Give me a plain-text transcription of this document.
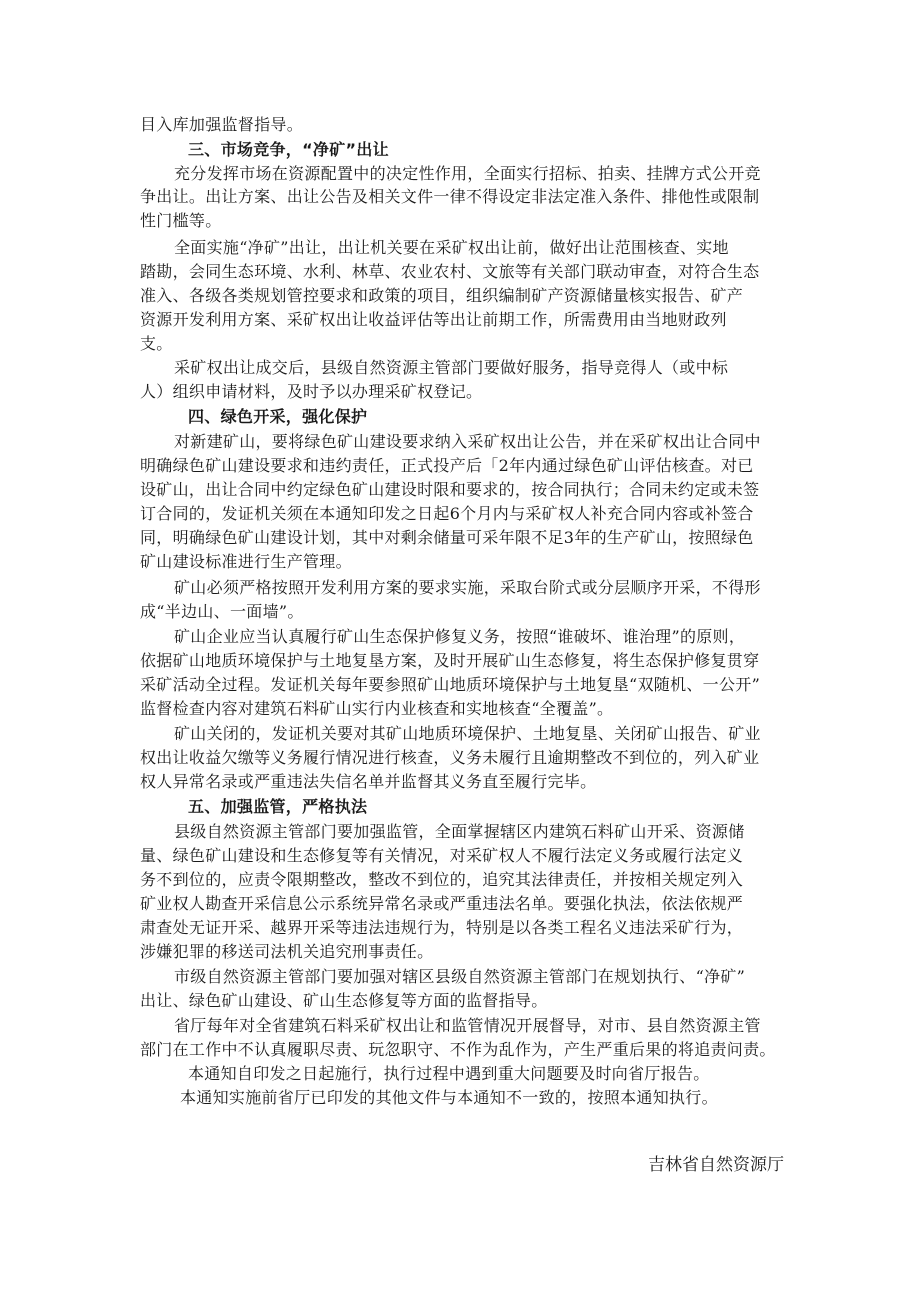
目入库加强监督指导。
三、市场竞争，“净矿”出让
充分发挥市场在资源配置中的决定性作用，全面实行招标、拍卖、挂牌方式公开竞
争出让。出让方案、出让公告及相关文件一律不得设定非法定准入条件、排他性或限制
性门槛等。
全面实施“净矿”出让，出让机关要在采矿权出让前，做好出让范围核查、实地
踏勘，会同生态环境、水利、林草、农业农村、文旅等有关部门联动审查，对符合生态
准入、各级各类规划管控要求和政策的项目，组织编制矿产资源储量核实报告、矿产
资源开发利用方案、采矿权出让收益评估等出让前期工作，所需费用由当地财政列
支。
采矿权出让成交后，县级自然资源主管部门要做好服务，指导竞得人（或中标
人）组织申请材料，及时予以办理采矿权登记。
四、绿色开采，强化保护
对新建矿山，要将绿色矿山建设要求纳入采矿权出让公告，并在采矿权出让合同中
明确绿色矿山建设要求和违约责任，正式投产后「2年内通过绿色矿山评估核查。对已
设矿山，出让合同中约定绿色矿山建设时限和要求的，按合同执行；合同未约定或未签
订合同的，发证机关须在本通知印发之日起6个月内与采矿权人补充合同内容或补签合
同，明确绿色矿山建设计划，其中对剩余储量可采年限不足3年的生产矿山，按照绿色
矿山建设标准进行生产管理。
矿山必须严格按照开发利用方案的要求实施，采取台阶式或分层顺序开采，不得形
成“半边山、一面墙”。
矿山企业应当认真履行矿山生态保护修复义务，按照“谁破坏、谁治理”的原则，
依据矿山地质环境保护与土地复垦方案，及时开展矿山生态修复，将生态保护修复贯穿
采矿活动全过程。发证机关每年要参照矿山地质环境保护与土地复垦“双随机、一公开”
监督检查内容对建筑石料矿山实行内业核查和实地核查“全覆盖”。
矿山关闭的，发证机关要对其矿山地质环境保护、土地复垦、关闭矿山报告、矿业
权出让收益欠缴等义务履行情况进行核查，义务未履行且逾期整改不到位的，列入矿业
权人异常名录或严重违法失信名单并监督其义务直至履行完毕。
五、加强监管，严格执法
县级自然资源主管部门要加强监管，全面掌握辖区内建筑石料矿山开采、资源储
量、绿色矿山建设和生态修复等有关情况，对采矿权人不履行法定义务或履行法定义
务不到位的，应责令限期整改，整改不到位的，追究其法律责任，并按相关规定列入
矿业权人勘查开采信息公示系统异常名录或严重违法名单。要强化执法，依法依规严
肃查处无证开采、越界开采等违法违规行为，特别是以各类工程名义违法采矿行为，
涉嫌犯罪的移送司法机关追究刑事责任。
市级自然资源主管部门要加强对辖区县级自然资源主管部门在规划执行、“净矿”
出让、绿色矿山建设、矿山生态修复等方面的监督指导。
省厅每年对全省建筑石料采矿权出让和监管情况开展督导，对市、县自然资源主管
部门在工作中不认真履职尽责、玩忽职守、不作为乱作为，产生严重后果的将追责问责。
本通知自印发之日起施行，执行过程中遇到重大问题要及时向省厅报告。
本通知实施前省厅已印发的其他文件与本通知不一致的，按照本通知执行。
吉林省自然资源厅
